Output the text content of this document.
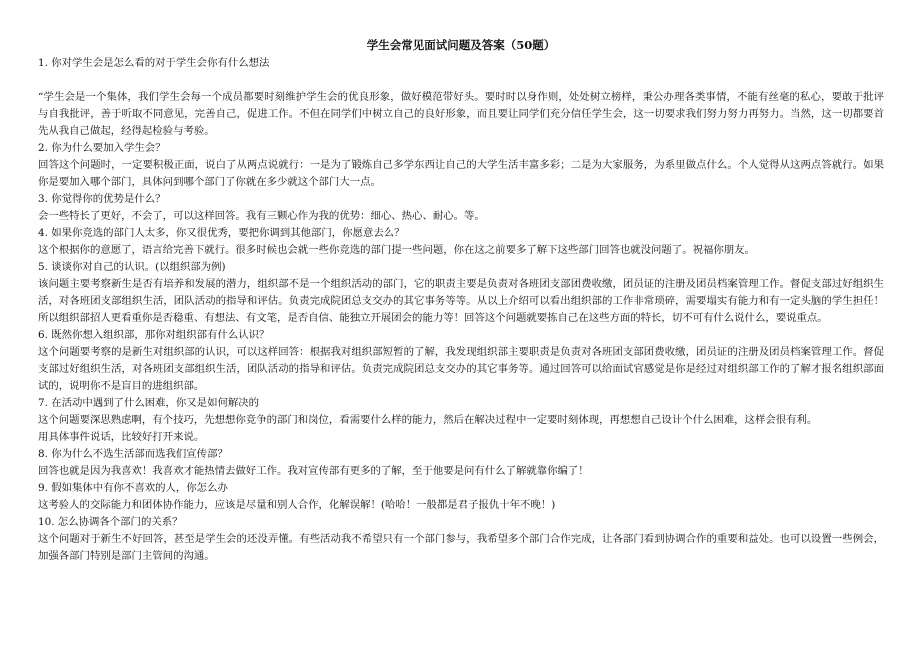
学生会常见面试问题及答案（50题）

1. 你对学生会是怎么看的对于学生会你有什么想法

“学生会是一个集体，我们学生会每一个成员都要时刻维护学生会的优良形象，做好模范带好头。要时时以身作则，处处树立榜样，秉公办理各类事情，不能有丝毫的私心，要敢于批评与自我批评，善于听取不同意见，完善自己，促进工作。不但在同学们中树立自己的良好形象，而且要让同学们充分信任学生会，这一切要求我们努力努力再努力。当然，这一切都要首先从我自己做起，经得起检验与考验。

2. 你为什么要加入学生会？

回答这个问题时，一定要积极正面，说白了从两点说就行：一是为了锻炼自己多学东西让自己的大学生活丰富多彩；二是为大家服务，为系里做点什么。个人觉得从这两点答就行。如果你是要加入哪个部门，具体问到哪个部门了你就在多少就这个部门大一点。

3. 你觉得你的优势是什么？

会一些特长了更好，不会了，可以这样回答。我有三颗心作为我的优势：细心、热心、耐心。等。

4. 如果你竞选的部门人太多，你又很优秀，要把你调到其他部门，你愿意去么？

这个根据你的意愿了，语言给完善下就行。很多时候也会就一些你竞选的部门提一些问题，你在这之前要多了解下这些部门回答也就没问题了。祝福你朋友。

5. 谈谈你对自己的认识。(以组织部为例)

该问题主要考察新生是否有培养和发展的潜力，组织部不是一个组织活动的部门，它的职责主要是负责对各班团支部团费收缴，团员证的注册及团员档案管理工作。督促支部过好组织生活，对各班团支部组织生活，团队活动的指导和评估。负责完成院团总支交办的其它事务等等。从以上介绍可以看出组织部的工作非常琐碎，需要塌实有能力和有一定头脑的学生担任！所以组织部招人更看重你是否稳重、有想法、有文笔，是否自信、能独立开展团会的能力等！回答这个问题就要拣自己在这些方面的特长，切不可有什么说什么，要说重点。

6. 既然你想入组织部，那你对组织部有什么认识？

这个问题要考察的是新生对组织部的认识，可以这样回答：根据我对组织部短暂的了解，我发现组织部主要职责是负责对各班团支部团费收缴，团员证的注册及团员档案管理工作。督促支部过好组织生活，对各班团支部组织生活，团队活动的指导和评估。负责完成院团总支交办的其它事务等。通过回答可以给面试官感觉是你是经过对组织部工作的了解才报名组织部面试的，说明你不是盲目的进组织部。

7. 在活动中遇到了什么困难，你又是如何解决的

这个问题要深思熟虑啊，有个技巧，先想想你竞争的部门和岗位，看需要什么样的能力，然后在解决过程中一定要时刻体现，再想想自己设计个什么困难，这样会很有利。

用具体事件说话，比较好打开来说。

8. 你为什么不选生活部而选我们宣传部？

回答也就是因为我喜欢！我喜欢才能热情去做好工作。我对宣传部有更多的了解，至于他要是问有什么了解就靠你编了！

9. 假如集体中有你不喜欢的人，你怎么办

这考验人的交际能力和团体协作能力，应该是尽量和别人合作，化解误解！(哈哈！一般都是君子报仇十年不晚！)

10. 怎么协调各个部门的关系？

这个问题对于新生不好回答，甚至是学生会的还没弄懂。有些活动我不希望只有一个部门参与，我希望多个部门合作完成，让各部门看到协调合作的重要和益处。也可以设置一些例会，加强各部门特别是部门主管间的沟通。
